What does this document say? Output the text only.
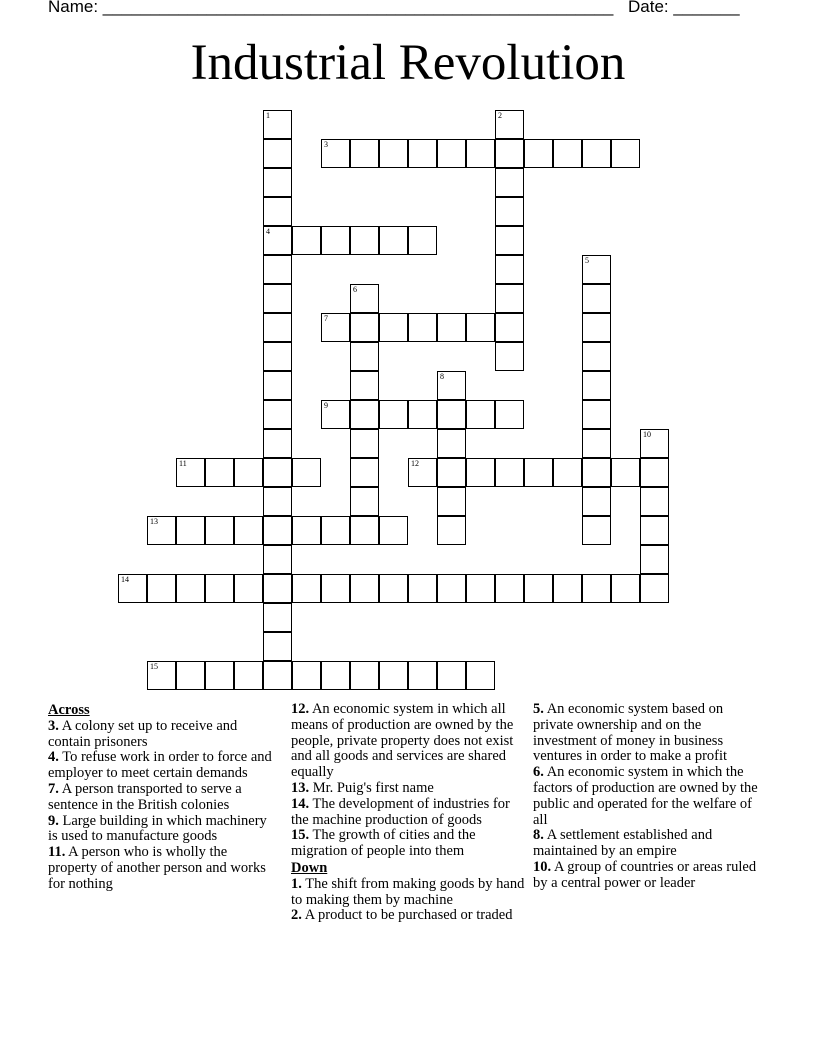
Name: ______________________________________________________ Date: _______
Industrial Revolution
3
4
7
9
11	12
13
14
15
1	2
5
6
8
10
Across
3. A colony set up to receive and contain prisoners
4. To refuse work in order to force and employer to meet certain demands
7. A person transported to serve a sentence in the British colonies
9. Large building in which machinery is used to manufacture goods
11. A person who is wholly the property of another person and works for nothing
12. An economic system in which all means of production are owned by the people, private property does not exist and all goods and services are shared equally
13. Mr. Puig's first name
14. The development of industries for the machine production of goods
15. The growth of cities and the migration of people into them
Down
1. The shift from making goods by hand to making them by machine
2. A product to be purchased or traded
5. An economic system based on private ownership and on the investment of money in business ventures in order to make a profit
6. An economic system in which the factors of production are owned by the public and operated for the welfare of all
8. A settlement established and maintained by an empire
10. A group of countries or areas ruled by a central power or leader
